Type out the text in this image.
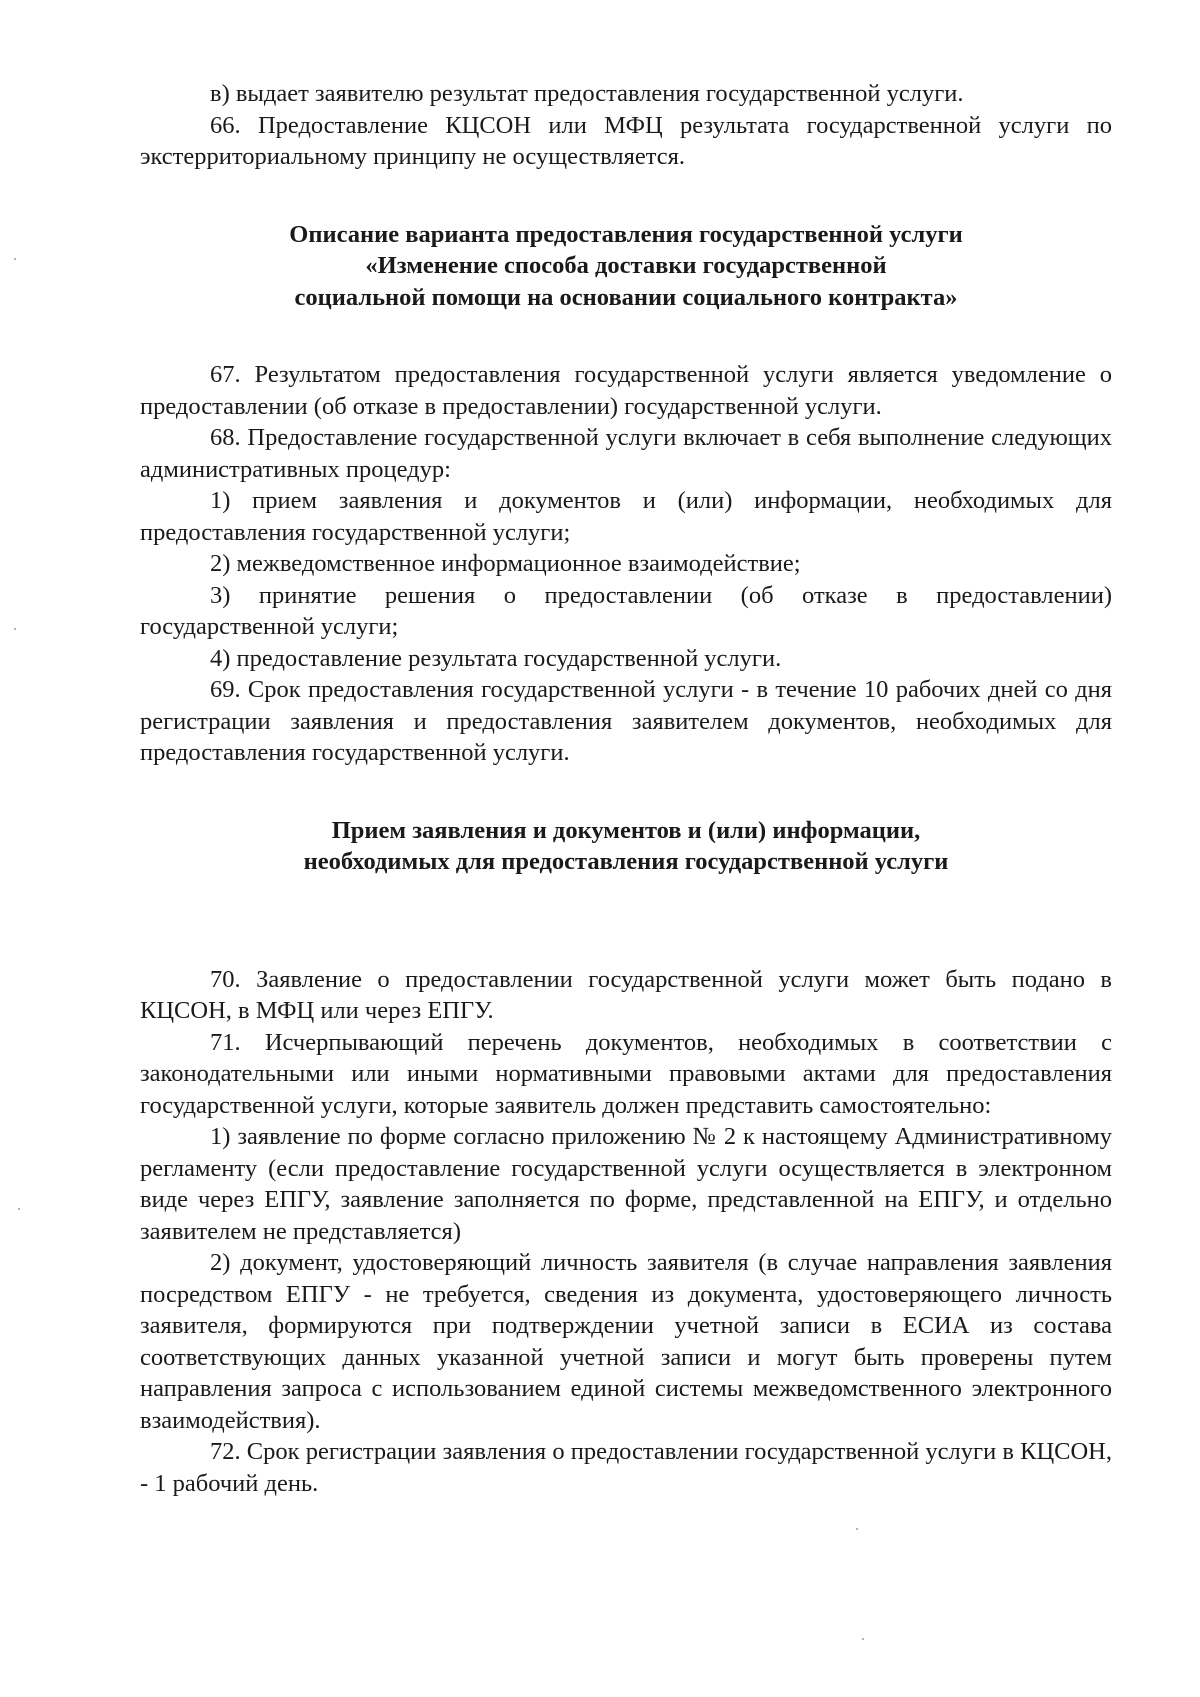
в) выдает заявителю результат предоставления государственной услуги.

66. Предоставление КЦСОН или МФЦ результата государственной услуги по экстерриториальному принципу не осуществляется.

Описание варианта предоставления государственной услуги
«Изменение способа доставки государственной
социальной помощи на основании социального контракта»

67. Результатом предоставления государственной услуги является уведомление о предоставлении (об отказе в предоставлении) государственной услуги.

68. Предоставление государственной услуги включает в себя выполнение следующих административных процедур:

1) прием заявления и документов и (или) информации, необходимых для предоставления государственной услуги;

2) межведомственное информационное взаимодействие;

3) принятие решения о предоставлении (об отказе в предоставлении) государственной услуги;

4) предоставление результата государственной услуги.

69. Срок предоставления государственной услуги - в течение 10 рабочих дней со дня регистрации заявления и предоставления заявителем документов, необходимых для предоставления государственной услуги.

Прием заявления и документов и (или) информации,
необходимых для предоставления государственной услуги

70. Заявление о предоставлении государственной услуги может быть подано в КЦСОН, в МФЦ или через ЕПГУ.

71. Исчерпывающий перечень документов, необходимых в соответствии с законодательными или иными нормативными правовыми актами для предоставления государственной услуги, которые заявитель должен представить самостоятельно:

1) заявление по форме согласно приложению № 2 к настоящему Административному регламенту (если предоставление государственной услуги осуществляется в электронном виде через ЕПГУ, заявление заполняется по форме, представленной на ЕПГУ, и отдельно заявителем не представляется)

2) документ, удостоверяющий личность заявителя (в случае направления заявления посредством ЕПГУ - не требуется, сведения из документа, удостоверяющего личность заявителя, формируются при подтверждении учетной записи в ЕСИА из состава соответствующих данных указанной учетной записи и могут быть проверены путем направления запроса с использованием единой системы межведомственного электронного взаимодействия).

72. Срок регистрации заявления о предоставлении государственной услуги в КЦСОН, - 1 рабочий день.
